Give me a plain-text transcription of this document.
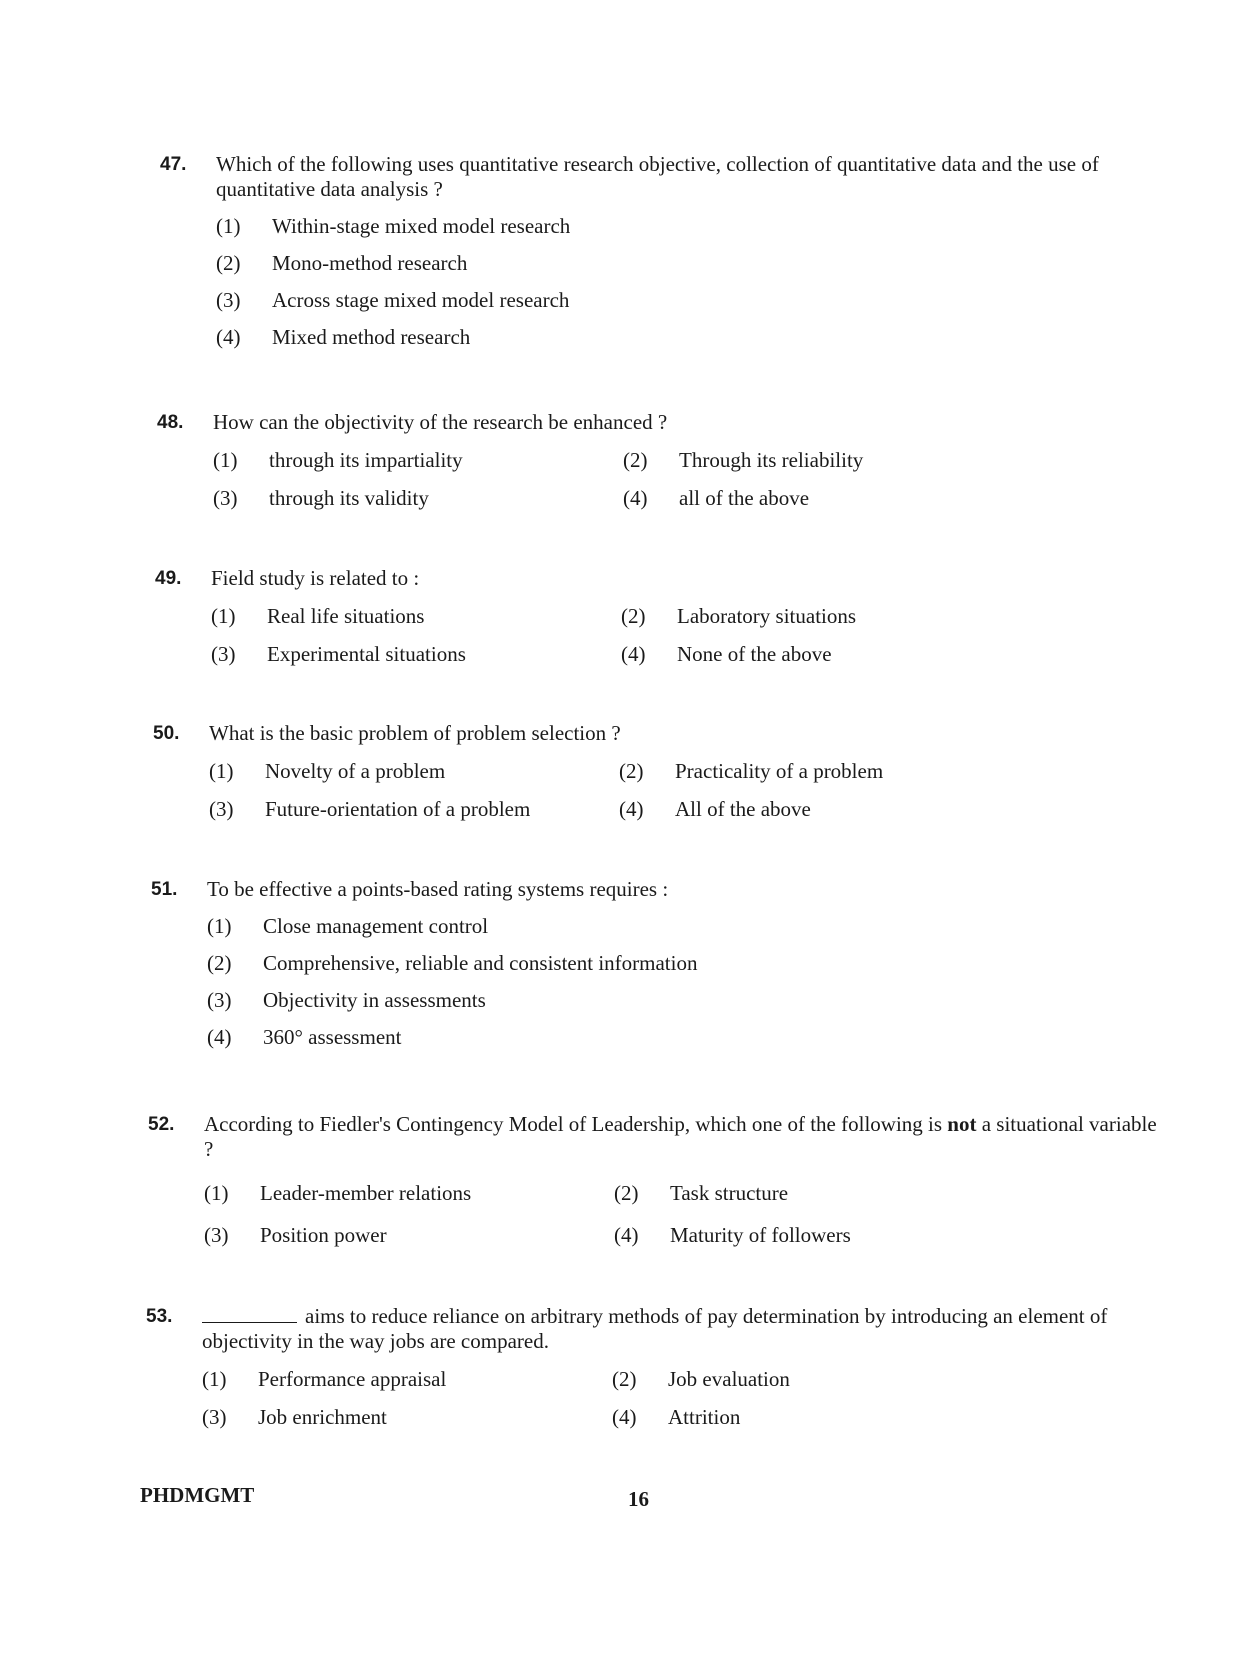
47.	Which of the following uses quantitative research objective, collection of quantitative data and the use of quantitative data analysis ?
(1)	Within-stage mixed model research
(2)	Mono-method research
(3)	Across stage mixed model research
(4)	Mixed method research
48.	How can the objectivity of the research be enhanced ?
(1)	through its impartiality	(2)	Through its reliability
(3)	through its validity	(4)	all of the above
49.	Field study is related to :
(1)	Real life situations	(2)	Laboratory situations
(3)	Experimental situations	(4)	None of the above
50.	What is the basic problem of problem selection ?
(1)	Novelty of a problem	(2)	Practicality of a problem
(3)	Future-orientation of a problem	(4)	All of the above
51.	To be effective a points-based rating systems requires :
(1)	Close management control
(2)	Comprehensive, reliable and consistent information
(3)	Objectivity in assessments
(4)	360° assessment
52.	According to Fiedler's Contingency Model of Leadership, which one of the following is not a situational variable ?
(1)	Leader-member relations	(2)	Task structure
(3)	Position power	(4)	Maturity of followers
53.	aims to reduce reliance on arbitrary methods of pay determination by introducing an element of objectivity in the way jobs are compared.
(1)	Performance appraisal	(2)	Job evaluation
(3)	Job enrichment	(4)	Attrition
PHDMGMT	16
